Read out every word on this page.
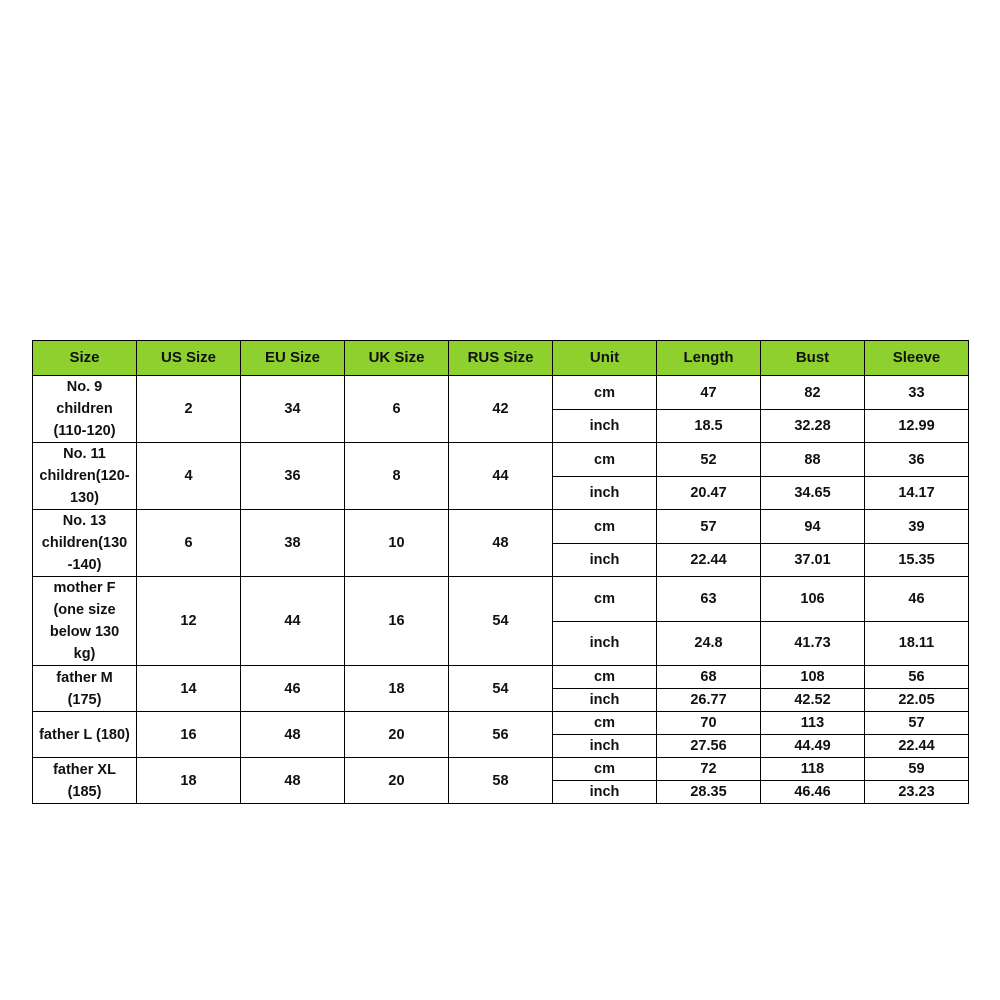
Size	US Size	EU Size	UK Size	RUS Size	Unit	Length	Bust	Sleeve

No. 9
children
(110-120)	2	34	6	42	cm	47	82	33
					inch	18.5	32.28	12.99

No. 11
children(120-
130)	4	36	8	44	cm	52	88	36
					inch	20.47	34.65	14.17

No. 13
children(130
-140)	6	38	10	48	cm	57	94	39
					inch	22.44	37.01	15.35

mother F
(one size
below 130
kg)	12	44	16	54	cm	63	106	46
					inch	24.8	41.73	18.11

father M
(175)	14	46	18	54	cm	68	108	56
					inch	26.77	42.52	22.05

father L (180)	16	48	20	56	cm	70	113	57
					inch	27.56	44.49	22.44

father XL
(185)	18	48	20	58	cm	72	118	59
					inch	28.35	46.46	23.23
